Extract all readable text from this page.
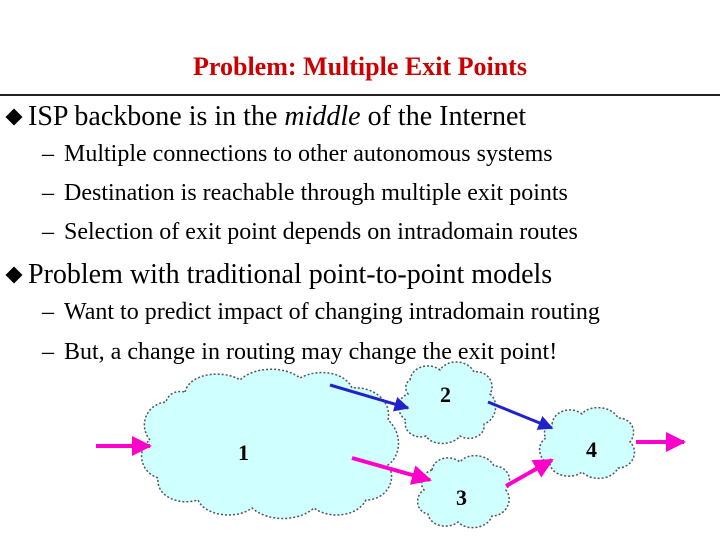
Problem: Multiple Exit Points
ISP backbone is in the middle of the Internet
– Multiple connections to other autonomous systems
– Destination is reachable through multiple exit points
– Selection of exit point depends on intradomain routes
Problem with traditional point-to-point models
– Want to predict impact of changing intradomain routing
– But, a change in routing may change the exit point!
1
2
3
4
